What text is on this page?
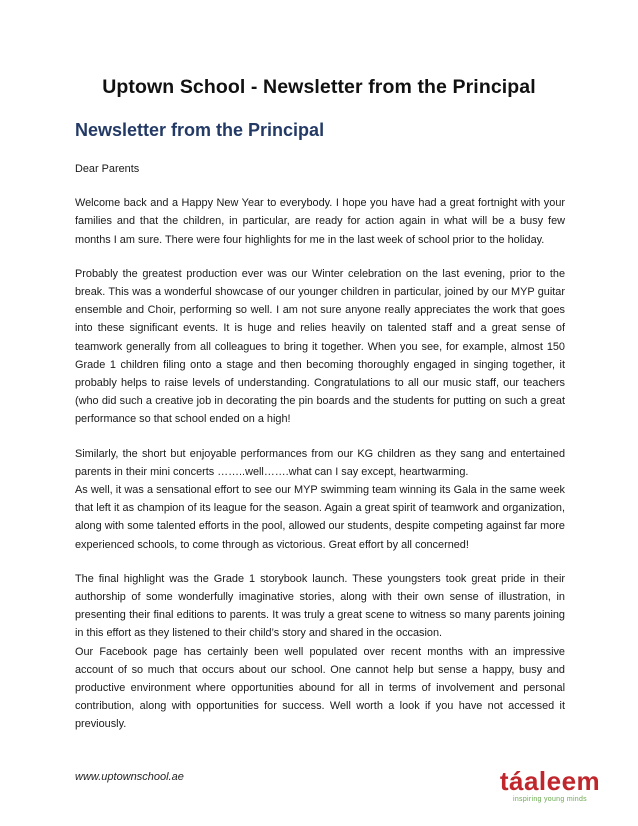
Uptown School - Newsletter from the Principal
Newsletter from the Principal

Dear Parents

Welcome back and a Happy New Year to everybody. I hope you have had a great fortnight with your families and that the children, in particular, are ready for action again in what will be a busy few months I am sure. There were four highlights for me in the last week of school prior to the holiday.

Probably the greatest production ever was our Winter celebration on the last evening, prior to the break. This was a wonderful showcase of our younger children in particular, joined by our MYP guitar ensemble and Choir, performing so well. I am not sure anyone really appreciates the work that goes into these significant events. It is huge and relies heavily on talented staff and a great sense of teamwork generally from all colleagues to bring it together. When you see, for example, almost 150 Grade 1 children filing onto a stage and then becoming thoroughly engaged in singing together, it probably helps to raise levels of understanding. Congratulations to all our music staff, our teachers (who did such a creative job in decorating the pin boards and the students for putting on such a great performance so that school ended on a high!

Similarly, the short but enjoyable performances from our KG children as they sang and entertained parents in their mini concerts ……..well…….what can I say except, heartwarming.

As well, it was a sensational effort to see our MYP swimming team winning its Gala in the same week that left it as champion of its league for the season. Again a great spirit of teamwork and organization, along with some talented efforts in the pool, allowed our students, despite competing against far more experienced schools, to come through as victorious. Great effort by all concerned!

The final highlight was the Grade 1 storybook launch. These youngsters took great pride in their authorship of some wonderfully imaginative stories, along with their own sense of illustration, in presenting their final editions to parents. It was truly a great scene to witness so many parents joining in this effort as they listened to their child’s story and shared in the occasion.

Our Facebook page has certainly been well populated over recent months with an impressive account of so much that occurs about our school. One cannot help but sense a happy, busy and productive environment where opportunities abound for all in terms of involvement and personal contribution, along with opportunities for success. Well worth a look if you have not accessed it previously.

www.uptownschool.ae	táaleem
inspiring young minds
